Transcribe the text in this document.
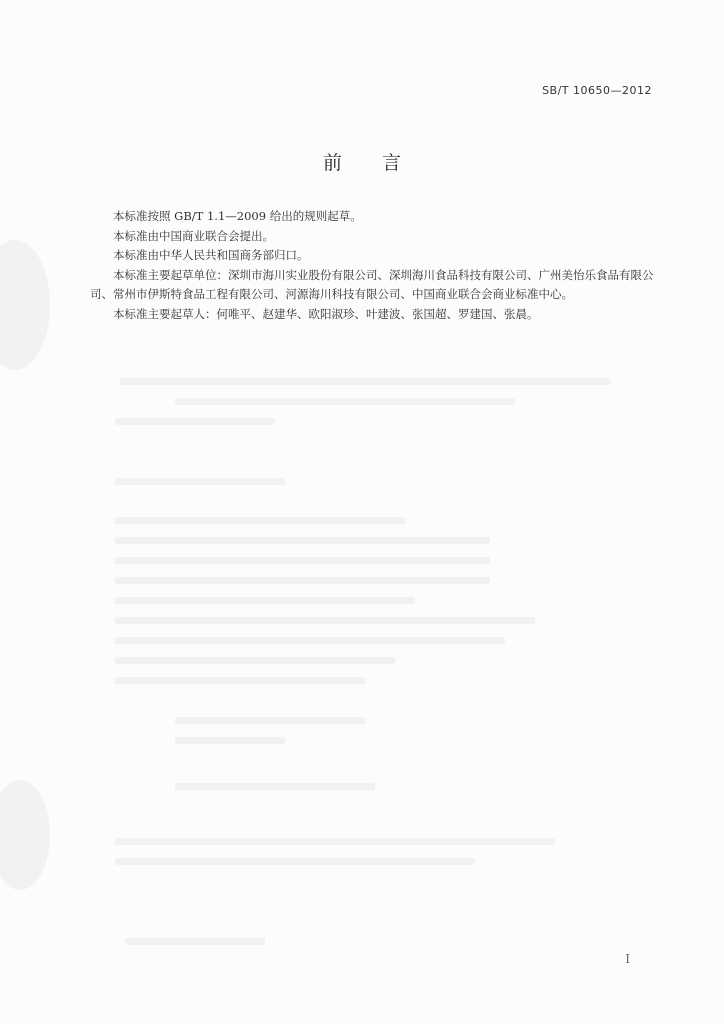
SB/T 10650—2012
前 言

本标准按照 GB/T 1.1—2009 给出的规则起草。

本标准由中国商业联合会提出。

本标准由中华人民共和国商务部归口。

本标准主要起草单位：深圳市海川实业股份有限公司、深圳海川食品科技有限公司、广州美怡乐食品有限公司、常州市伊斯特食品工程有限公司、河源海川科技有限公司、中国商业联合会商业标准中心。

本标准主要起草人：何唯平、赵建华、欧阳淑珍、叶建波、张国超、罗建国、张晨。

I
